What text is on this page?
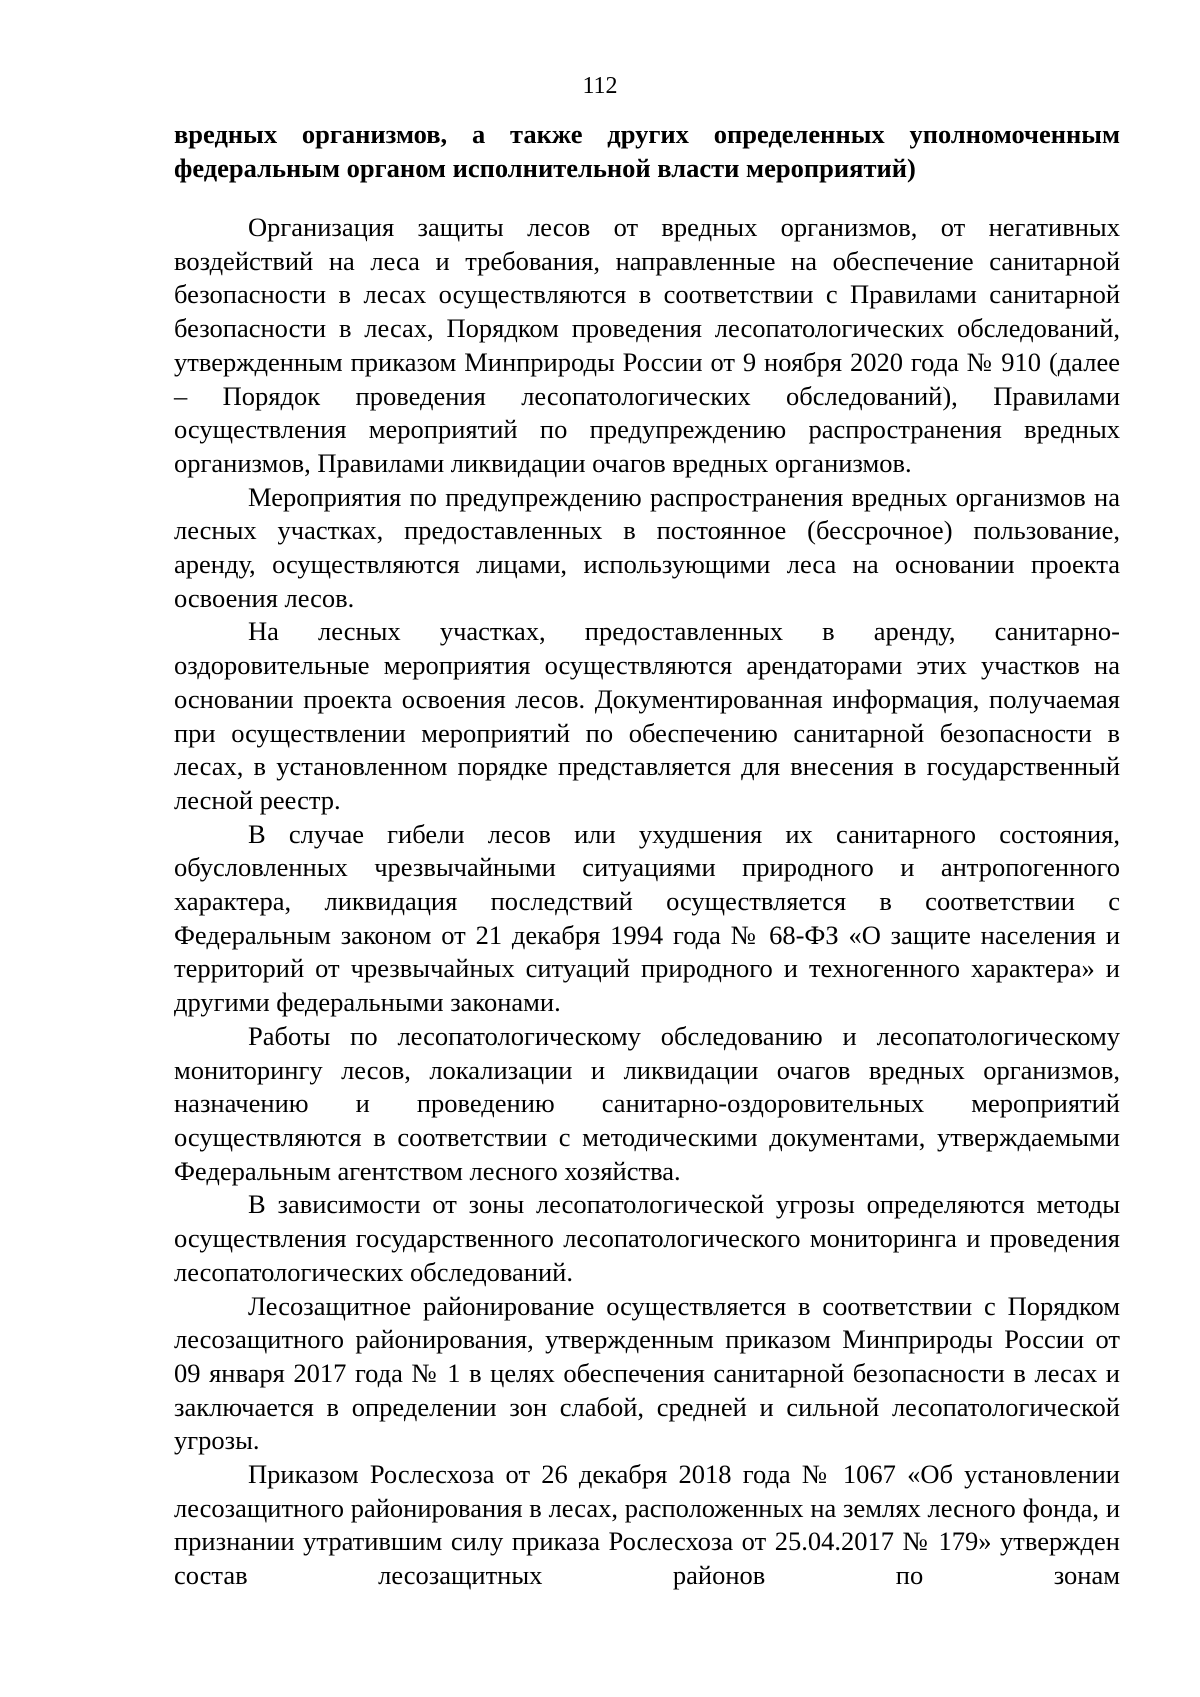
112

вредных организмов, а также других определенных уполномоченным федеральным органом исполнительной власти мероприятий)

Организация защиты лесов от вредных организмов, от негативных воздействий на леса и требования, направленные на обеспечение санитарной безопасности в лесах осуществляются в соответствии с Правилами санитарной безопасности в лесах, Порядком проведения лесопатологических обследований, утвержденным приказом Минприроды России от 9 ноября 2020 года № 910 (далее – Порядок проведения лесопатологических обследований), Правилами осуществления мероприятий по предупреждению распространения вредных организмов, Правилами ликвидации очагов вредных организмов.

Мероприятия по предупреждению распространения вредных организмов на лесных участках, предоставленных в постоянное (бессрочное) пользование, аренду, осуществляются лицами, использующими леса на основании проекта освоения лесов.

На лесных участках, предоставленных в аренду, санитарно-оздоровительные мероприятия осуществляются арендаторами этих участков на основании проекта освоения лесов. Документированная информация, получаемая при осуществлении мероприятий по обеспечению санитарной безопасности в лесах, в установленном порядке представляется для внесения в государственный лесной реестр.

В случае гибели лесов или ухудшения их санитарного состояния, обусловленных чрезвычайными ситуациями природного и антропогенного характера, ликвидация последствий осуществляется в соответствии с Федеральным законом от 21 декабря 1994 года № 68-ФЗ «О защите населения и территорий от чрезвычайных ситуаций природного и техногенного характера» и другими федеральными законами.

Работы по лесопатологическому обследованию и лесопатологическому мониторингу лесов, локализации и ликвидации очагов вредных организмов, назначению и проведению санитарно-оздоровительных мероприятий осуществляются в соответствии с методическими документами, утверждаемыми Федеральным агентством лесного хозяйства.

В зависимости от зоны лесопатологической угрозы определяются методы осуществления государственного лесопатологического мониторинга и проведения лесопатологических обследований.

Лесозащитное районирование осуществляется в соответствии с Порядком лесозащитного районирования, утвержденным приказом Минприроды России от 09 января 2017 года № 1 в целях обеспечения санитарной безопасности в лесах и заключается в определении зон слабой, средней и сильной лесопатологической угрозы.

Приказом Рослесхоза от 26 декабря 2018 года № 1067 «Об установлении лесозащитного районирования в лесах, расположенных на землях лесного фонда, и признании утратившим силу приказа Рослесхоза от 25.04.2017 № 179» утвержден состав лесозащитных районов по зонам
